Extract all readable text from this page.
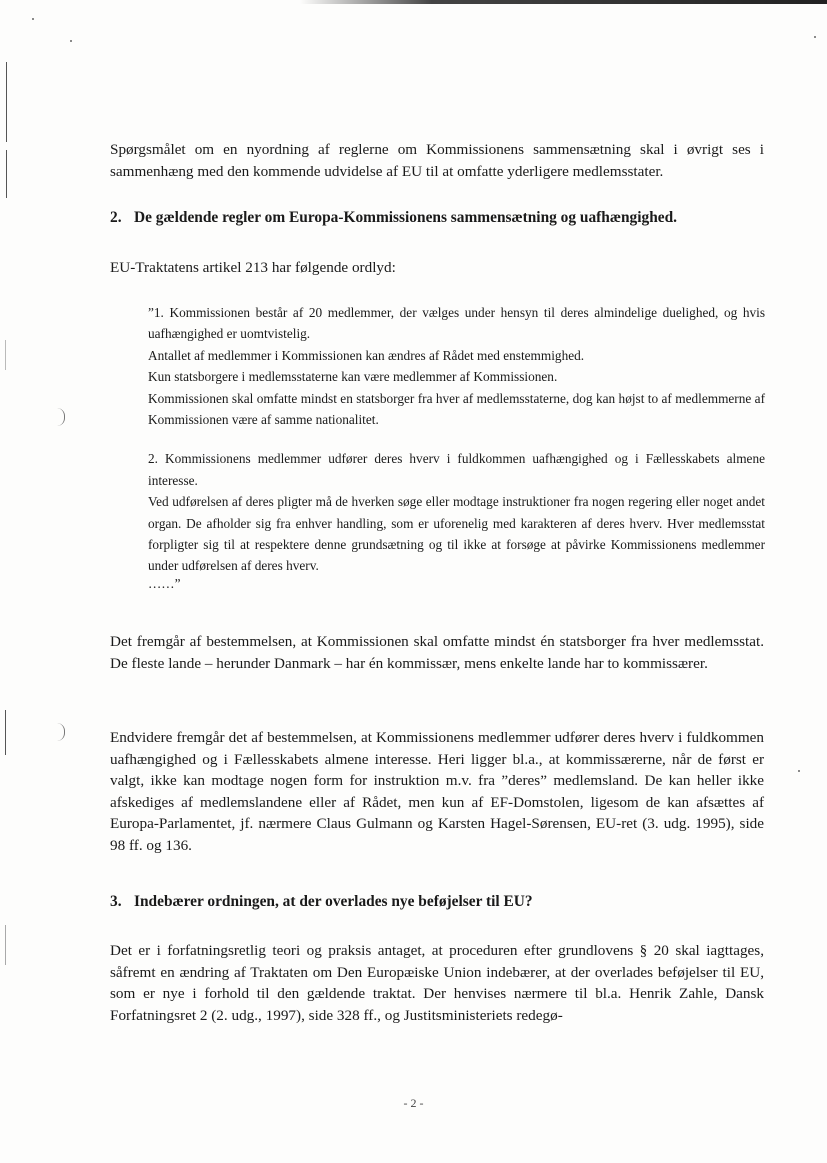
Spørgsmålet om en nyordning af reglerne om Kommissionens sammensætning skal i øvrigt ses i sammenhæng med den kommende udvidelse af EU til at omfatte yderligere medlemsstater.

2. De gældende regler om Europa-Kommissionens sammensætning og uafhængighed.

EU-Traktatens artikel 213 har følgende ordlyd:

”1. Kommissionen består af 20 medlemmer, der vælges under hensyn til deres almindelige duelighed, og hvis uafhængighed er uomtvistelig.

Antallet af medlemmer i Kommissionen kan ændres af Rådet med enstemmighed.

Kun statsborgere i medlemsstaterne kan være medlemmer af Kommissionen.

Kommissionen skal omfatte mindst en statsborger fra hver af medlemsstaterne, dog kan højst to af medlemmerne af Kommissionen være af samme nationalitet.

2. Kommissionens medlemmer udfører deres hverv i fuldkommen uafhængighed og i Fællesskabets almene interesse.

Ved udførelsen af deres pligter må de hverken søge eller modtage instruktioner fra nogen regering eller noget andet organ. De afholder sig fra enhver handling, som er uforenelig med karakteren af deres hverv. Hver medlemsstat forpligter sig til at respektere denne grundsætning og til ikke at forsøge at påvirke Kommissionens medlemmer under udførelsen af deres hverv.

……”

Det fremgår af bestemmelsen, at Kommissionen skal omfatte mindst én statsborger fra hver medlemsstat. De fleste lande – herunder Danmark – har én kommissær, mens enkelte lande har to kommissærer.

Endvidere fremgår det af bestemmelsen, at Kommissionens medlemmer udfører deres hverv i fuldkommen uafhængighed og i Fællesskabets almene interesse. Heri ligger bl.a., at kommissærerne, når de først er valgt, ikke kan modtage nogen form for instruktion m.v. fra ”deres” medlemsland. De kan heller ikke afskediges af medlemslandene eller af Rådet, men kun af EF-Domstolen, ligesom de kan afsættes af Europa-Parlamentet, jf. nærmere Claus Gulmann og Karsten Hagel-Sørensen, EU-ret (3. udg. 1995), side 98 ff. og 136.

3. Indebærer ordningen, at der overlades nye beføjelser til EU?

Det er i forfatningsretlig teori og praksis antaget, at proceduren efter grundlovens § 20 skal iagttages, såfremt en ændring af Traktaten om Den Europæiske Union indebærer, at der overlades beføjelser til EU, som er nye i forhold til den gældende traktat. Der henvises nærmere til bl.a. Henrik Zahle, Dansk Forfatningsret 2 (2. udg., 1997), side 328 ff., og Justitsministeriets redegø-

- 2 -
